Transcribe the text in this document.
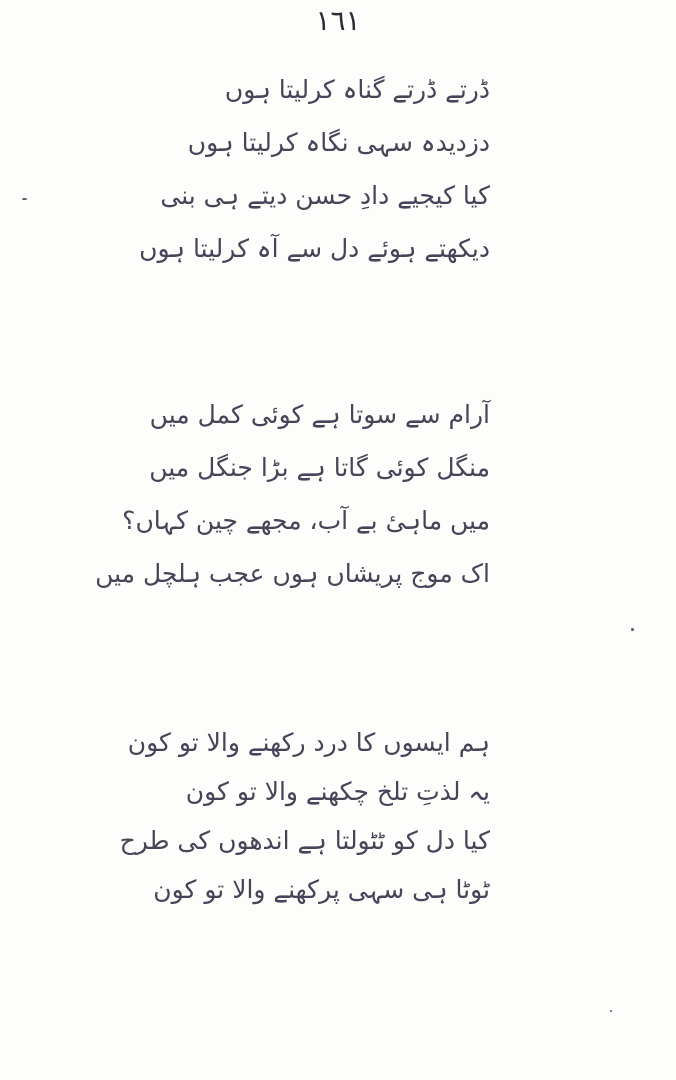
١٦١
ڈرتے ڈرتے گناہ کرلیتا ہوں
دزدیدہ سہی نگاہ کرلیتا ہوں
کیا کیجیے دادِ حسن دیتے ہی بنی
دیکھتے ہوئے دل سے آہ کرلیتا ہوں
آرام سے سوتا ہے کوئی کمل میں
منگل کوئی گاتا ہے بڑا جنگل میں
میں ماہیٔ بے آب، مجھے چین کہاں؟
اک موج پریشاں ہوں عجب ہلچل میں
ہم ایسوں کا درد رکھنے والا تو کون
یہ لذتِ تلخ چکھنے والا تو کون
کیا دل کو ٹٹولتا ہے اندھوں کی طرح
ٹوٹا ہی سہی پرکھنے والا تو کون
